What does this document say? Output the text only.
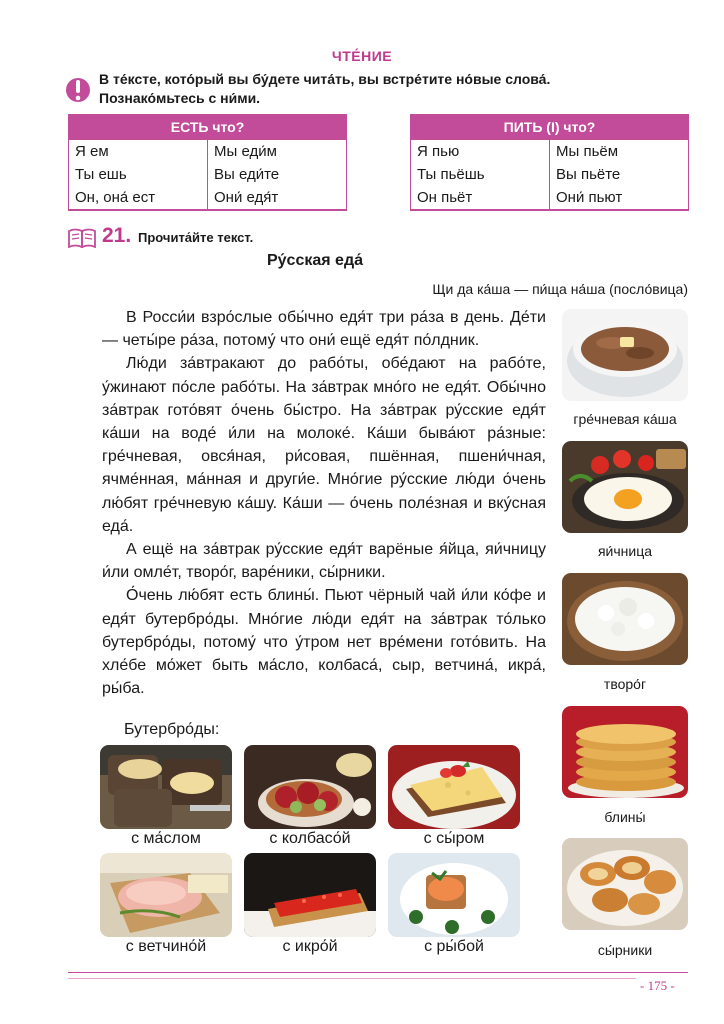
ЧТЕ́НИЕ
В те́ксте, кото́рый вы бу́дете чита́ть, вы встре́тите но́вые слова́.
Познако́мьтесь с ни́ми.
ЕСТЬ что?	
Я ем	Мы еди́м
Ты ешь	Вы еди́те
Он, она́ ест	Они́ едя́т
ПИТЬ (I) что?	
Я пью	Мы пьём
Ты пьёшь	Вы пьёте
Он пьёт	Они́ пьют
21. Прочита́йте текст.
Ру́сская еда́
Щи да ка́ша — пи́ща на́ша (посло́вица)

В Росси́и взро́слые обы́чно едя́т три ра́за в день. Де́ти — четы́ре ра́за, потому́ что они́ ещё едя́т по́лдник.

Лю́ди за́втракают до рабо́ты, обе́дают на рабо́те, у́жинают по́сле рабо́ты. На за́втрак мно́го не едя́т. Обы́чно за́втрак гото́вят о́чень бы́стро. На за́втрак ру́сские едя́т ка́ши на воде́ и́ли на молоке́. Ка́ши быва́ют ра́зные: гре́чневая, овся́ная, ри́совая, пшённая, пшени́чная, ячме́нная, ма́нная и други́е. Мно́гие ру́сские лю́ди о́чень лю́бят гре́чневую ка́шу. Ка́ши — о́чень поле́зная и вку́сная еда́.

А ещё на за́втрак ру́сские едя́т варёные я́йца, яи́чницу и́ли омле́т, творо́г, варе́ники, сы́рники.

О́чень лю́бят есть блины́. Пьют чёрный чай и́ли ко́фе и едя́т бутербро́ды. Мно́гие лю́ди едя́т на за́втрак то́лько бутербро́ды, потому́ что у́тром нет вре́мени гото́вить. На хле́бе мо́жет быть ма́сло, колбаса́, сыр, ветчина́, икра́, ры́ба.

Бутербро́ды:
с ма́слом	с колбасо́й	с сы́ром
с ветчино́й	с икро́й	с ры́бой
гре́чневая ка́ша
яи́чница
творо́г
блины́
сы́рники
- 175 -
